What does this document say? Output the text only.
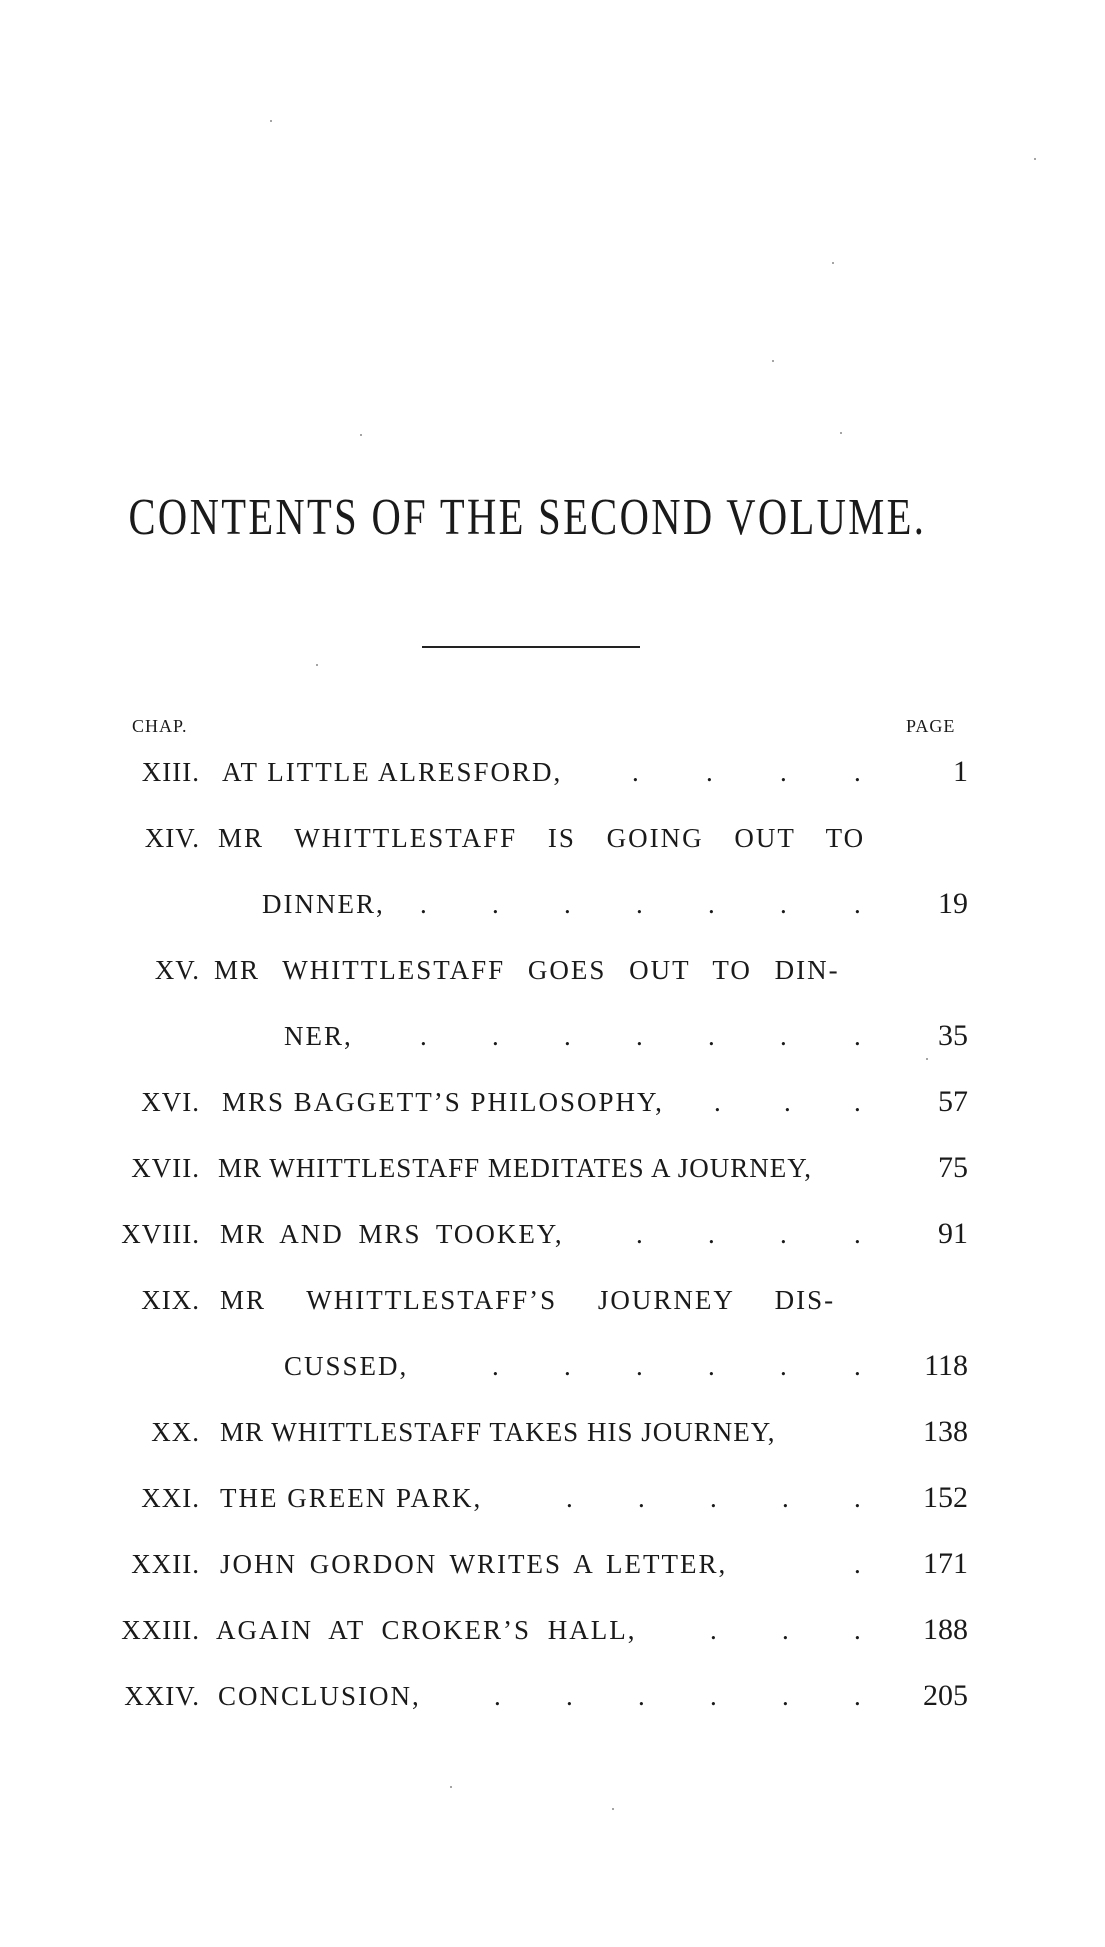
CONTENTS OF THE SECOND VOLUME.
CHAP.	PAGE
XIII. AT LITTLE ALRESFORD,	. . . .	1
XIV. MR WHITTLESTAFF IS GOING OUT TO
DINNER, . . . . . . .	19
XV. MR WHITTLESTAFF GOES OUT TO DIN-
NER, . . . . . . .	35
XVI. MRS BAGGETT’S PHILOSOPHY, . . .	57
XVII. MR WHITTLESTAFF MEDITATES A JOURNEY,	75
XVIII. MR AND MRS TOOKEY,	. . . .	91
XIX. MR WHITTLESTAFF’S JOURNEY DIS-
CUSSED,	. . . . . . 118
XX. MR WHITTLESTAFF TAKES HIS JOURNEY,	138
XXI. THE GREEN PARK,	. . . . . 152
XXII. JOHN GORDON WRITES A LETTER,	. 171
XXIII. AGAIN AT CROKER’S HALL,	. . . 188
XXIV. CONCLUSION,	. . . . . . 205
